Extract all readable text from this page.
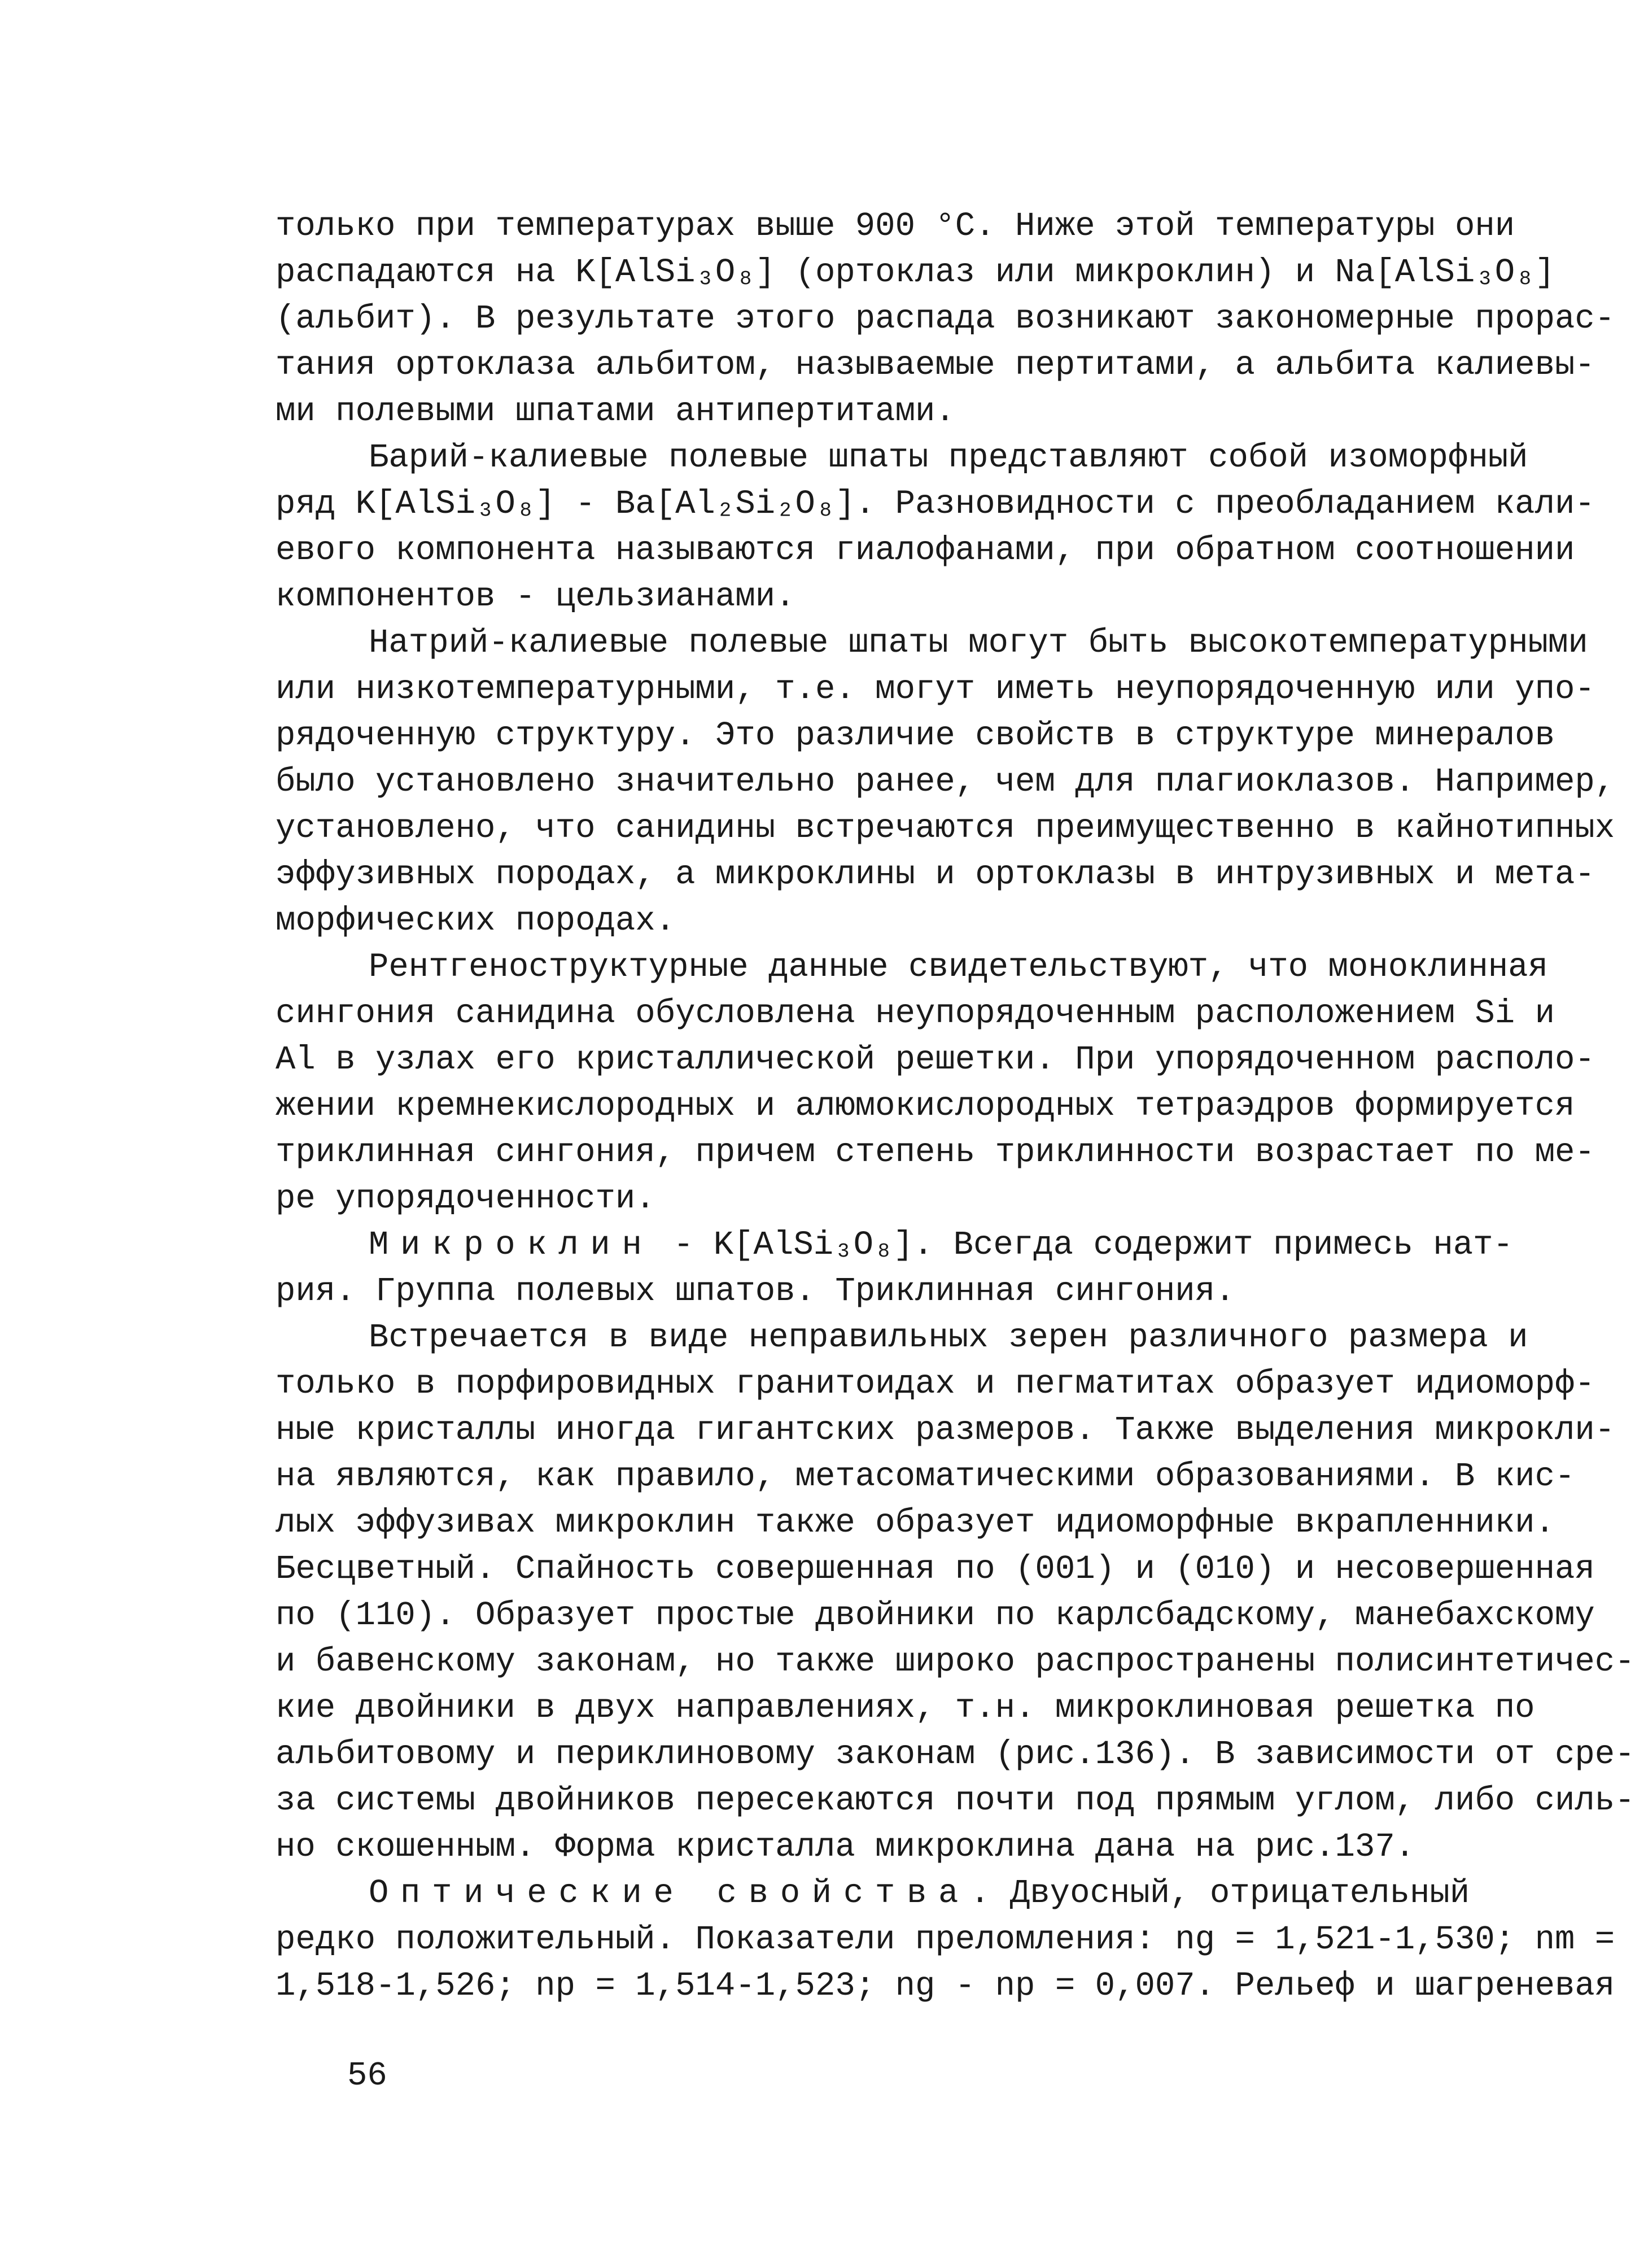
только при температурах выше 900 °С. Ниже этой температуры они
распадаются на K[AlSi₃O₈] (ортоклаз или микроклин) и Na[AlSi₃O₈]
(альбит). В результате этого распада возникают закономерные прорас-
тания ортоклаза альбитом, называемые пертитами, а альбита калиевы-
ми полевыми шпатами антипертитами.
Барий-калиевые полевые шпаты представляют собой изоморфный
ряд K[AlSi₃O₈] - Ba[Al₂Si₂O₈]. Разновидности с преобладанием кали-
евого компонента называются гиалофанами, при обратном соотношении
компонентов - цельзианами.
Натрий-калиевые полевые шпаты могут быть высокотемпературными
или низкотемпературными, т.е. могут иметь неупорядоченную или упо-
рядоченную структуру. Это различие свойств в структуре минералов
было установлено значительно ранее, чем для плагиоклазов. Например,
установлено, что санидины встречаются преимущественно в кайнотипных
эффузивных породах, а микроклины и ортоклазы в интрузивных и мета-
морфических породах.
Рентгеноструктурные данные свидетельствуют, что моноклинная
сингония санидина обусловлена неупорядоченным расположением Si и
Al в узлах его кристаллической решетки. При упорядоченном располо-
жении кремнекислородных и алюмокислородных тетраэдров формируется
триклинная сингония, причем степень триклинности возрастает по ме-
ре упорядоченности.
Микроклин - K[AlSi₃O₈]. Всегда содержит примесь нат-
рия. Группа полевых шпатов. Триклинная сингония.
Встречается в виде неправильных зерен различного размера и
только в порфировидных гранитоидах и пегматитах образует идиоморф-
ные кристаллы иногда гигантских размеров. Также выделения микрокли-
на являются, как правило, метасоматическими образованиями. В кис-
лых эффузивах микроклин также образует идиоморфные вкрапленники.
Бесцветный. Спайность совершенная по (001) и (010) и несовершенная
по (110). Образует простые двойники по карлсбадскому, манебахскому
и бавенскому законам, но также широко распространены полисинтетичес-
кие двойники в двух направлениях, т.н. микроклиновая решетка по
альбитовому и периклиновому законам (рис.136). В зависимости от сре-
за системы двойников пересекаются почти под прямым углом, либо силь-
но скошенным. Форма кристалла микроклина дана на рис.137.
Оптические свойства. Двуосный, отрицательный
редко положительный. Показатели преломления: ng = 1,521-1,530; nm =
1,518-1,526; np = 1,514-1,523; ng - np = 0,007. Рельеф и шагреневая
56
